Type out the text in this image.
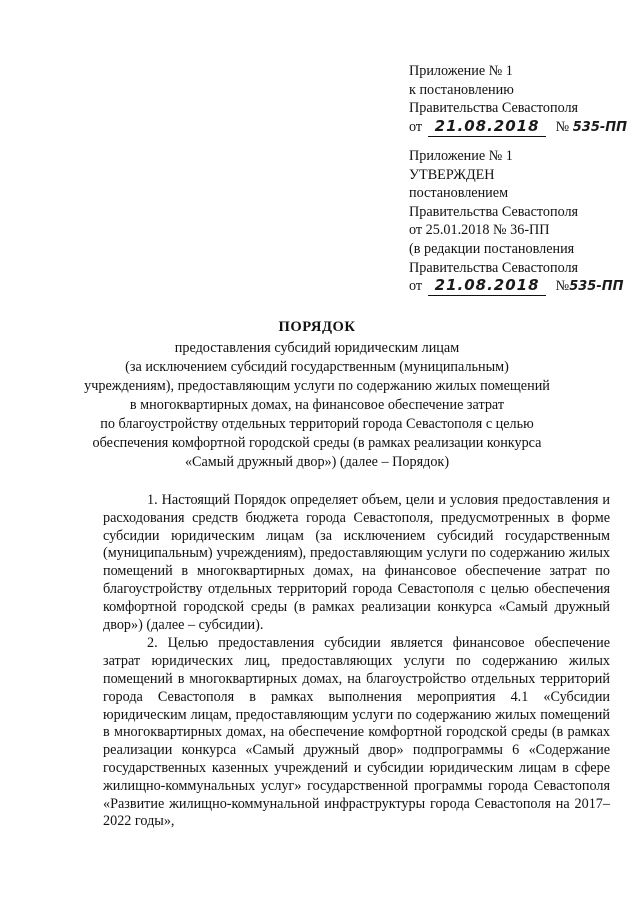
Приложение № 1
к постановлению
Правительства Севастополя
от 21.08.2018 № 535-ПП
Приложение № 1
УТВЕРЖДЕН
постановлением
Правительства Севастополя
от 25.01.2018 № 36-ПП
(в редакции постановления
Правительства Севастополя
от 21.08.2018 №535-ПП
ПОРЯДОК
предоставления субсидий юридическим лицам
(за исключением субсидий государственным (муниципальным)
учреждениям), предоставляющим услуги по содержанию жилых помещений
в многоквартирных домах, на финансовое обеспечение затрат
по благоустройству отдельных территорий города Севастополя с целью
обеспечения комфортной городской среды (в рамках реализации конкурса
«Самый дружный двор») (далее – Порядок)

1. Настоящий Порядок определяет объем, цели и условия предоставления и расходования средств бюджета города Севастополя, предусмотренных в форме субсидии юридическим лицам (за исключением субсидий государственным (муниципальным) учреждениям), предоставляющим услуги по содержанию жилых помещений в многоквартирных домах, на финансовое обеспечение затрат по благоустройству отдельных территорий города Севастополя с целью обеспечения комфортной городской среды (в рамках реализации конкурса «Самый дружный двор») (далее – субсидии).

2. Целью предоставления субсидии является финансовое обеспечение затрат юридических лиц, предоставляющих услуги по содержанию жилых помещений в многоквартирных домах, на благоустройство отдельных территорий города Севастополя в рамках выполнения мероприятия 4.1 «Субсидии юридическим лицам, предоставляющим услуги по содержанию жилых помещений в многоквартирных домах, на обеспечение комфортной городской среды (в рамках реализации конкурса «Самый дружный двор» подпрограммы 6 «Содержание государственных казенных учреждений и субсидии юридическим лицам в сфере жилищно-коммунальных услуг» государственной программы города Севастополя «Развитие жилищно-коммунальной инфраструктуры города Севастополя на 2017–2022 годы»,
